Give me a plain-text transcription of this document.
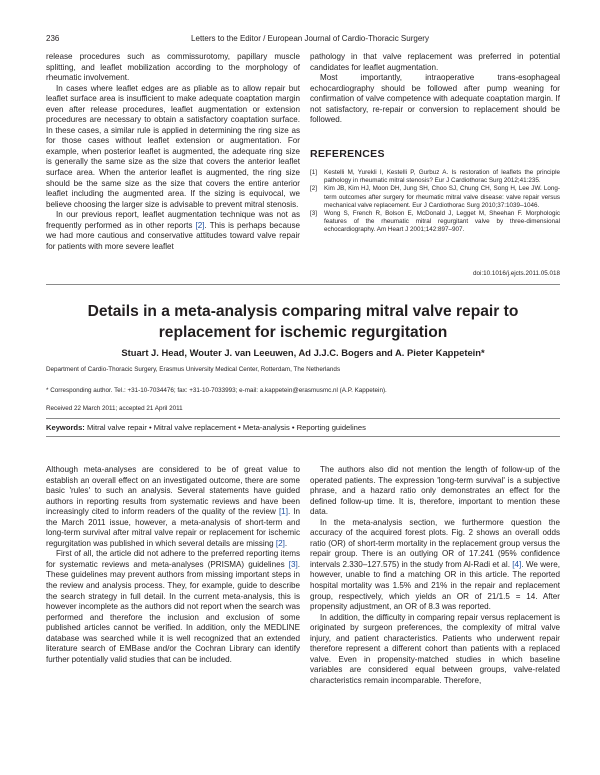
236	Letters to the Editor / European Journal of Cardio-Thoracic Surgery

release procedures such as commissurotomy, papillary muscle splitting, and leaflet mobilization according to the morphology of rheumatic involvement.

In cases where leaflet edges are as pliable as to allow repair but leaflet surface area is insufficient to make adequate coaptation margin even after release procedures, leaflet augmentation or extension procedures are necessary to obtain a satisfactory coaptation surface. In these cases, a similar rule is applied in determining the ring size as for those cases without leaflet extension or augmentation. For example, when posterior leaflet is augmented, the adequate ring size is generally the same size as the size that covers the anterior leaflet surface area. When the anterior leaflet is augmented, the ring size should be the same size as the size that covers the entire anterior leaflet including the augmented area. If the sizing is equivocal, we believe choosing the larger size is advisable to prevent mitral stenosis.

In our previous report, leaflet augmentation technique was not as frequently performed as in other reports [2]. This is perhaps because we had more cautious and conservative attitudes toward valve repair for patients with more severe leaflet

pathology in that valve replacement was preferred in potential candidates for leaflet augmentation.

Most importantly, intraoperative trans-esophageal echocardiography should be followed after pump weaning for confirmation of valve competence with adequate coaptation margin. If not satisfactory, re-repair or conversion to replacement should be followed.

REFERENCES
[1] Kestelli M, Yurekli I, Kestelli P, Gurbuz A. Is restoration of leaflets the principle pathology in rheumatic mitral stenosis? Eur J Cardiothorac Surg 2012;41:235.
[2] Kim JB, Kim HJ, Moon DH, Jung SH, Choo SJ, Chung CH, Song H, Lee JW. Long-term outcomes after surgery for rheumatic mitral valve disease: valve repair versus mechanical valve replacement. Eur J Cardiothorac Surg 2010;37:1039–1046.
[3] Wong S, French R, Bolson E, McDonald J, Legget M, Sheehan F. Morphologic features of the rheumatic mitral regurgitant valve by three-dimensional echocardiography. Am Heart J 2001;142:897–907.
doi:10.1016/j.ejcts.2011.05.018
Details in a meta-analysis comparing mitral valve repair to
replacement for ischemic regurgitation
Stuart J. Head, Wouter J. van Leeuwen, Ad J.J.C. Bogers and A. Pieter Kappetein*
Department of Cardio-Thoracic Surgery, Erasmus University Medical Center, Rotterdam, The Netherlands
* Corresponding author. Tel.: +31-10-7034476; fax: +31-10-7033993; e-mail: a.kappetein@erasmusmc.nl (A.P. Kappetein).
Received 22 March 2011; accepted 21 April 2011
Keywords: Mitral valve repair • Mitral valve replacement • Meta-analysis • Reporting guidelines

Although meta-analyses are considered to be of great value to establish an overall effect on an investigated outcome, there are some basic 'rules' to such an analysis. Several statements have guided authors in reporting results from systematic reviews and have been increasingly cited to inform readers of the quality of the review [1]. In the March 2011 issue, however, a meta-analysis of short-term and long-term survival after mitral valve repair or replacement for ischemic regurgitation was published in which several details are missing [2].

First of all, the article did not adhere to the preferred reporting items for systematic reviews and meta-analyses (PRISMA) guidelines [3]. These guidelines may prevent authors from missing important steps in the review and analysis process. They, for example, guide to describe the search strategy in full detail. In the current meta-analysis, this is however incomplete as the authors did not report when the search was performed and therefore the inclusion and exclusion of some published articles cannot be verified. In addition, only the MEDLINE database was searched while it is well recognized that an extended literature search of EMBase and/or the Cochran Library can identify further potentially valid studies that can be included.

The authors also did not mention the length of follow-up of the operated patients. The expression 'long-term survival' is a subjective phrase, and a hazard ratio only demonstrates an effect for the defined follow-up time. It is, therefore, important to mention these data.

In the meta-analysis section, we furthermore question the accuracy of the acquired forest plots. Fig. 2 shows an overall odds ratio (OR) of short-term mortality in the replacement group versus the repair group. There is an outlying OR of 17.241 (95% confidence intervals 2.330–127.575) in the study from Al-Radi et al. [4]. We were, however, unable to find a matching OR in this article. The reported hospital mortality was 1.5% and 21% in the repair and replacement group, respectively, which yields an OR of 21/1.5 = 14. After propensity adjustment, an OR of 8.3 was reported.

In addition, the difficulty in comparing repair versus replacement is originated by surgeon preferences, the complexity of mitral valve injury, and patient characteristics. Patients who underwent repair therefore represent a different cohort than patients with a replaced valve. Even in propensity-matched studies in which baseline variables are considered equal between groups, valve-related characteristics remain incomparable. Therefore,
